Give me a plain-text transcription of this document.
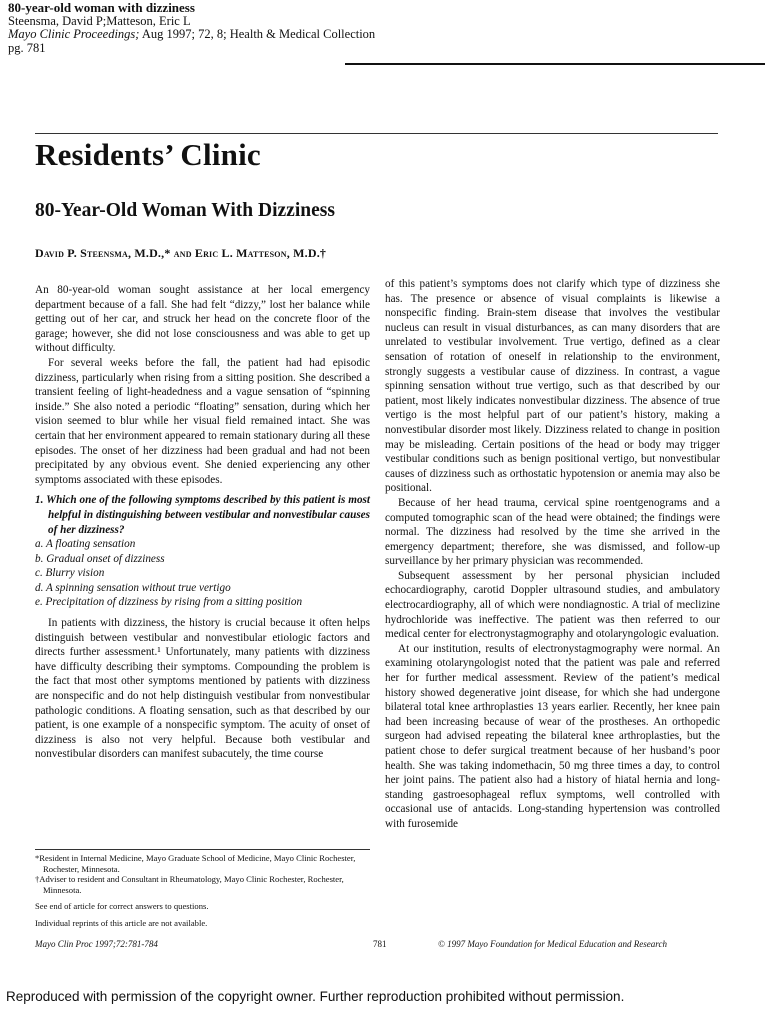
80-year-old woman with dizziness
Steensma, David P;Matteson, Eric L
Mayo Clinic Proceedings; Aug 1997; 72, 8; Health & Medical Collection
pg. 781
Residents’ Clinic
80-Year-Old Woman With Dizziness
David P. Steensma, M.D.,* and Eric L. Matteson, M.D.†

An 80-year-old woman sought assistance at her local emergency department because of a fall. She had felt “dizzy,” lost her balance while getting out of her car, and struck her head on the concrete floor of the garage; however, she did not lose consciousness and was able to get up without difficulty.

For several weeks before the fall, the patient had had episodic dizziness, particularly when rising from a sitting position. She described a transient feeling of light-headedness and a vague sensation of “spinning inside.” She also noted a periodic “floating” sensation, during which her vision seemed to blur while her visual field remained intact. She was certain that her environment appeared to remain stationary during all these episodes. The onset of her dizziness had been gradual and had not been precipitated by any obvious event. She denied experiencing any other symptoms associated with these episodes.

1. Which one of the following symptoms described by this patient is most helpful in distinguishing between vestibular and nonvestibular causes of her dizziness?

a. A floating sensation
b. Gradual onset of dizziness
c. Blurry vision
d. A spinning sensation without true vertigo
e. Precipitation of dizziness by rising from a sitting position

In patients with dizziness, the history is crucial because it often helps distinguish between vestibular and nonvestibular etiologic factors and directs further assessment.¹ Unfortunately, many patients with dizziness have difficulty describing their symptoms. Compounding the problem is the fact that most other symptoms mentioned by patients with dizziness are nonspecific and do not help distinguish vestibular from nonvestibular pathologic conditions. A floating sensation, such as that described by our patient, is one example of a nonspecific symptom. The acuity of onset of dizziness is also not very helpful. Because both vestibular and nonvestibular disorders can manifest subacutely, the time course

of this patient’s symptoms does not clarify which type of dizziness she has. The presence or absence of visual complaints is likewise a nonspecific finding. Brain-stem disease that involves the vestibular nucleus can result in visual disturbances, as can many disorders that are unrelated to vestibular involvement. True vertigo, defined as a clear sensation of rotation of oneself in relationship to the environment, strongly suggests a vestibular cause of dizziness. In contrast, a vague spinning sensation without true vertigo, such as that described by our patient, most likely indicates nonvestibular dizziness. The absence of true vertigo is the most helpful part of our patient’s history, making a nonvestibular disorder most likely. Dizziness related to change in position may be misleading. Certain positions of the head or body may trigger vestibular conditions such as benign positional vertigo, but nonvestibular causes of dizziness such as orthostatic hypotension or anemia may also be positional.

Because of her head trauma, cervical spine roentgenograms and a computed tomographic scan of the head were obtained; the findings were normal. The dizziness had resolved by the time she arrived in the emergency department; therefore, she was dismissed, and follow-up surveillance by her primary physician was recommended.

Subsequent assessment by her personal physician included echocardiography, carotid Doppler ultrasound studies, and ambulatory electrocardiography, all of which were nondiagnostic. A trial of meclizine hydrochloride was ineffective. The patient was then referred to our medical center for electronystagmography and otolaryngologic evaluation.

At our institution, results of electronystagmography were normal. An examining otolaryngologist noted that the patient was pale and referred her for further medical assessment. Review of the patient’s medical history showed degenerative joint disease, for which she had undergone bilateral total knee arthroplasties 13 years earlier. Recently, her knee pain had been increasing because of wear of the prostheses. An orthopedic surgeon had advised repeating the bilateral knee arthroplasties, but the patient chose to defer surgical treatment because of her husband’s poor health. She was taking indomethacin, 50 mg three times a day, to control her joint pains. The patient also had a history of hiatal hernia and long-standing gastroesophageal reflux symptoms, well controlled with occasional use of antacids. Long-standing hypertension was controlled with furosemide

*Resident in Internal Medicine, Mayo Graduate School of Medicine, Mayo Clinic Rochester, Rochester, Minnesota.

†Adviser to resident and Consultant in Rheumatology, Mayo Clinic Rochester, Rochester, Minnesota.

See end of article for correct answers to questions.

Individual reprints of this article are not available.

Mayo Clin Proc 1997;72:781-784	781	© 1997 Mayo Foundation for Medical Education and Research
Reproduced with permission of the copyright owner. Further reproduction prohibited without permission.
